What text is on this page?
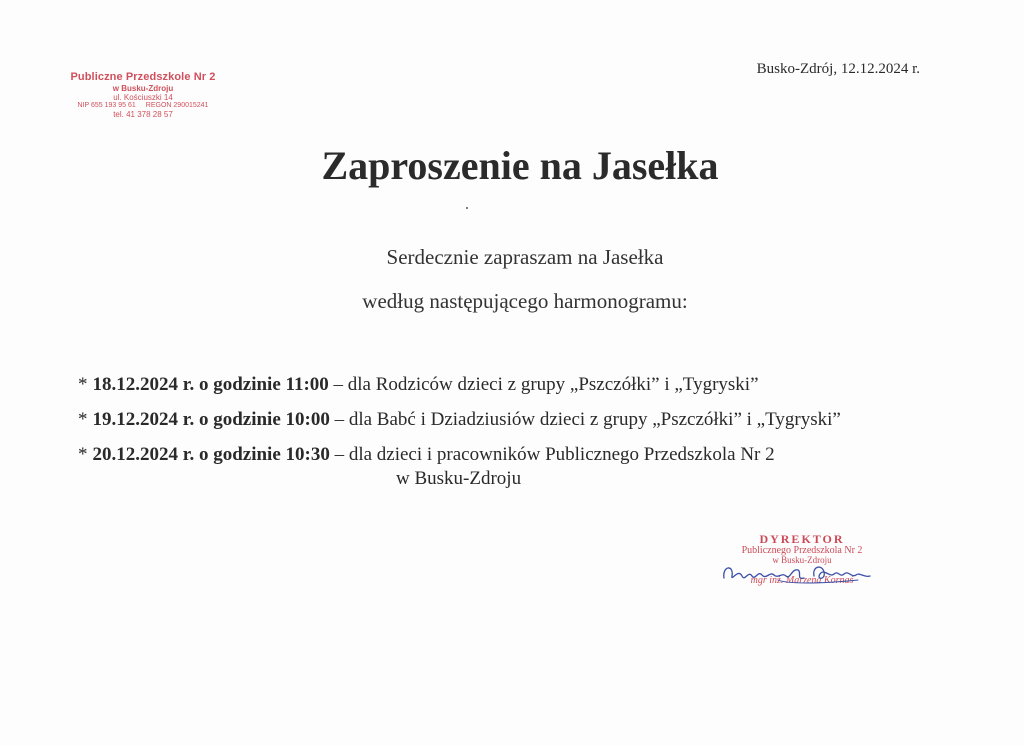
Publiczne Przedszkole Nr 2
w Busku-Zdroju
ul. Kościuszki 14
NIP 655 193 95 61 REGON 290015241
tel. 41 378 28 57
Busko-Zdrój, 12.12.2024 r.
Zaproszenie na Jasełka
Serdecznie zapraszam na Jasełka
według następującego harmonogramu:
* 18.12.2024 r. o godzinie 11:00 – dla Rodziców dzieci z grupy „Pszczółki” i „Tygryski”
* 19.12.2024 r. o godzinie 10:00 – dla Babć i Dziadziusiów dzieci z grupy „Pszczółki” i „Tygryski”
* 20.12.2024 r. o godzinie 10:30 – dla dzieci i pracowników Publicznego Przedszkola Nr 2
w Busku-Zdroju
DYREKTOR
Publicznego Przedszkola Nr 2
w Busku-Zdroju
mgr inż. Marzena Kornaś
